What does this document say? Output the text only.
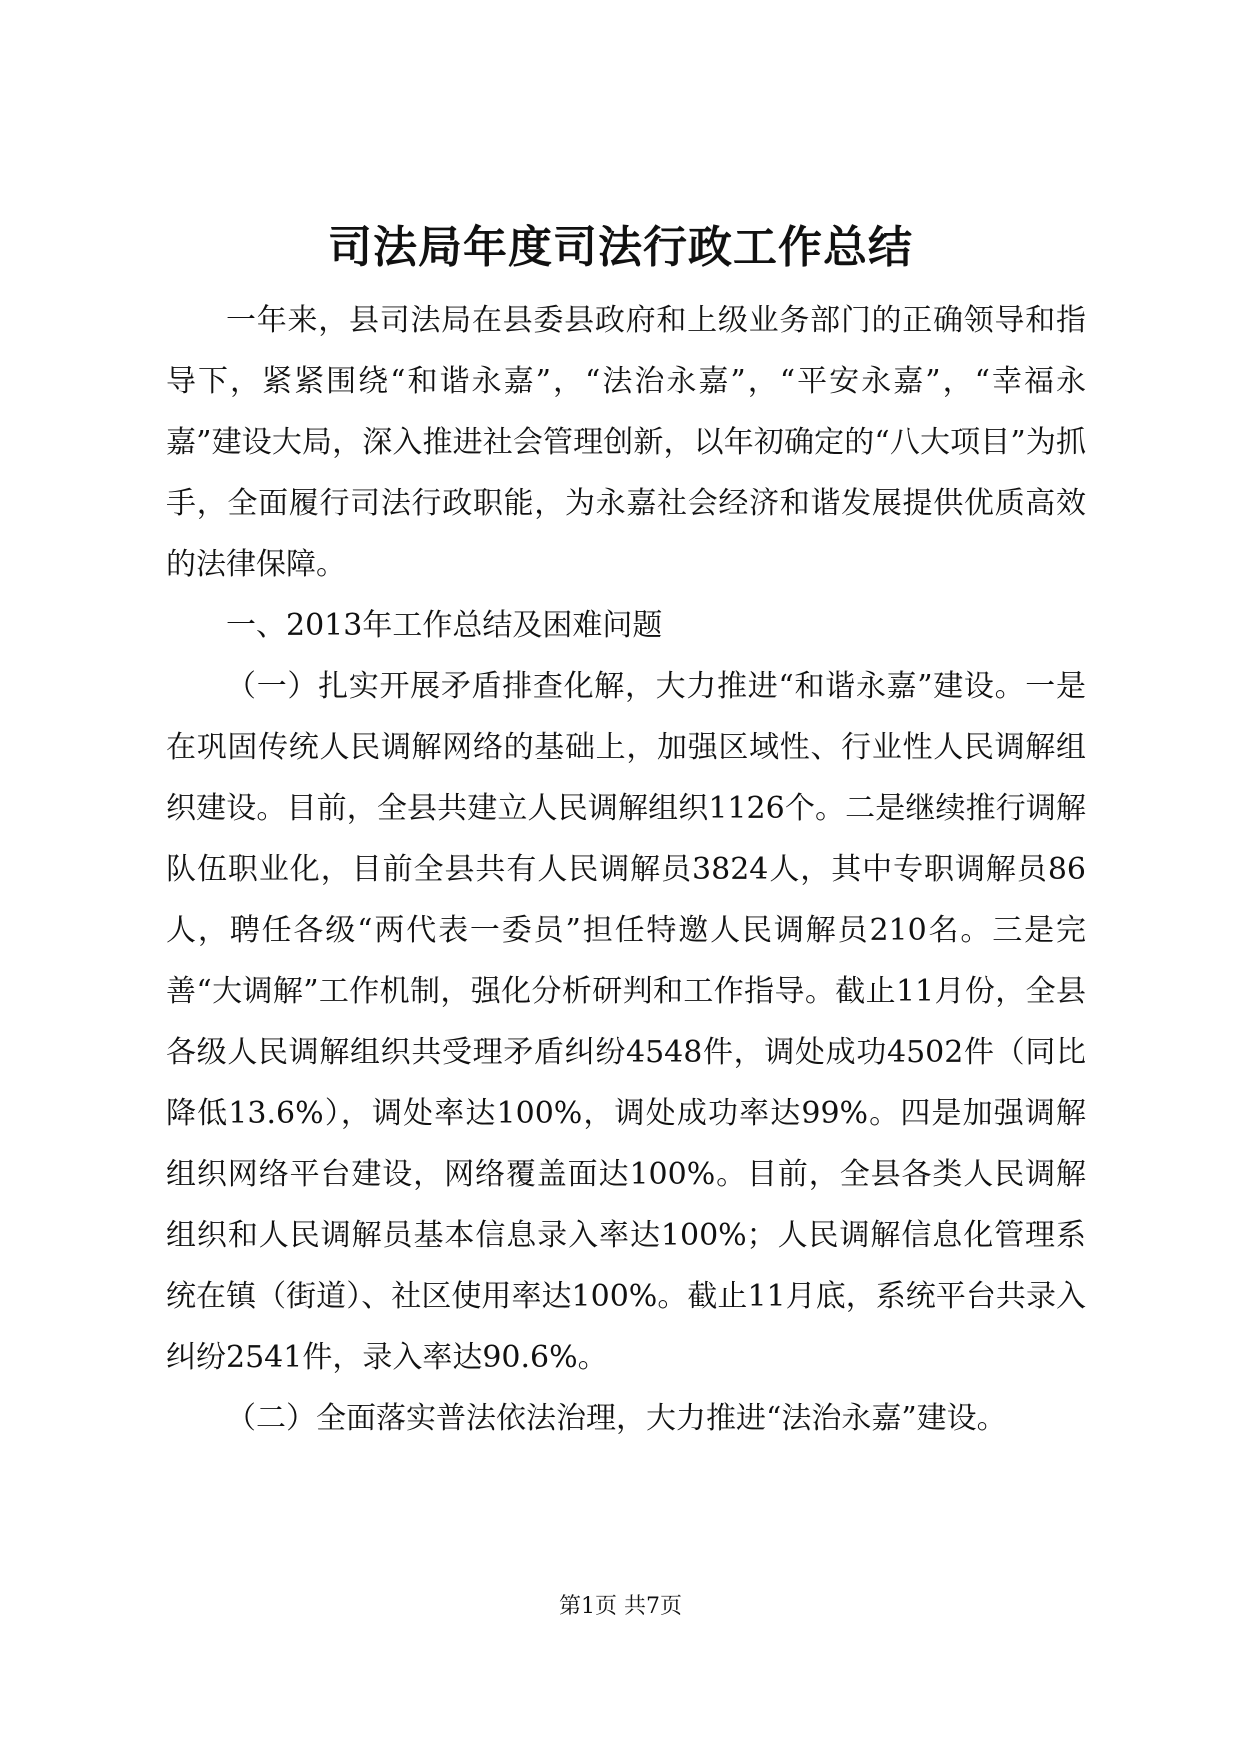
司法局年度司法行政工作总结

一年来，县司法局在县委县政府和上级业务部门的正确领导和指导下，紧紧围绕“和谐永嘉”，“法治永嘉”，“平安永嘉”，“幸福永嘉”建设大局，深入推进社会管理创新，以年初确定的“八大项目”为抓手，全面履行司法行政职能，为永嘉社会经济和谐发展提供优质高效的法律保障。

一、2013年工作总结及困难问题

（一）扎实开展矛盾排查化解，大力推进“和谐永嘉”建设。一是在巩固传统人民调解网络的基础上，加强区域性、行业性人民调解组织建设。目前，全县共建立人民调解组织1126个。二是继续推行调解队伍职业化，目前全县共有人民调解员3824人，其中专职调解员86人，聘任各级“两代表一委员”担任特邀人民调解员210名。三是完善“大调解”工作机制，强化分析研判和工作指导。截止11月份，全县各级人民调解组织共受理矛盾纠纷4548件，调处成功4502件（同比降低13.6%），调处率达100%，调处成功率达99%。四是加强调解组织网络平台建设，网络覆盖面达100%。目前，全县各类人民调解组织和人民调解员基本信息录入率达100%；人民调解信息化管理系统在镇（街道）、社区使用率达100%。截止11月底，系统平台共录入纠纷2541件，录入率达90.6%。

（二）全面落实普法依法治理，大力推进“法治永嘉”建设。

第1页 共7页
